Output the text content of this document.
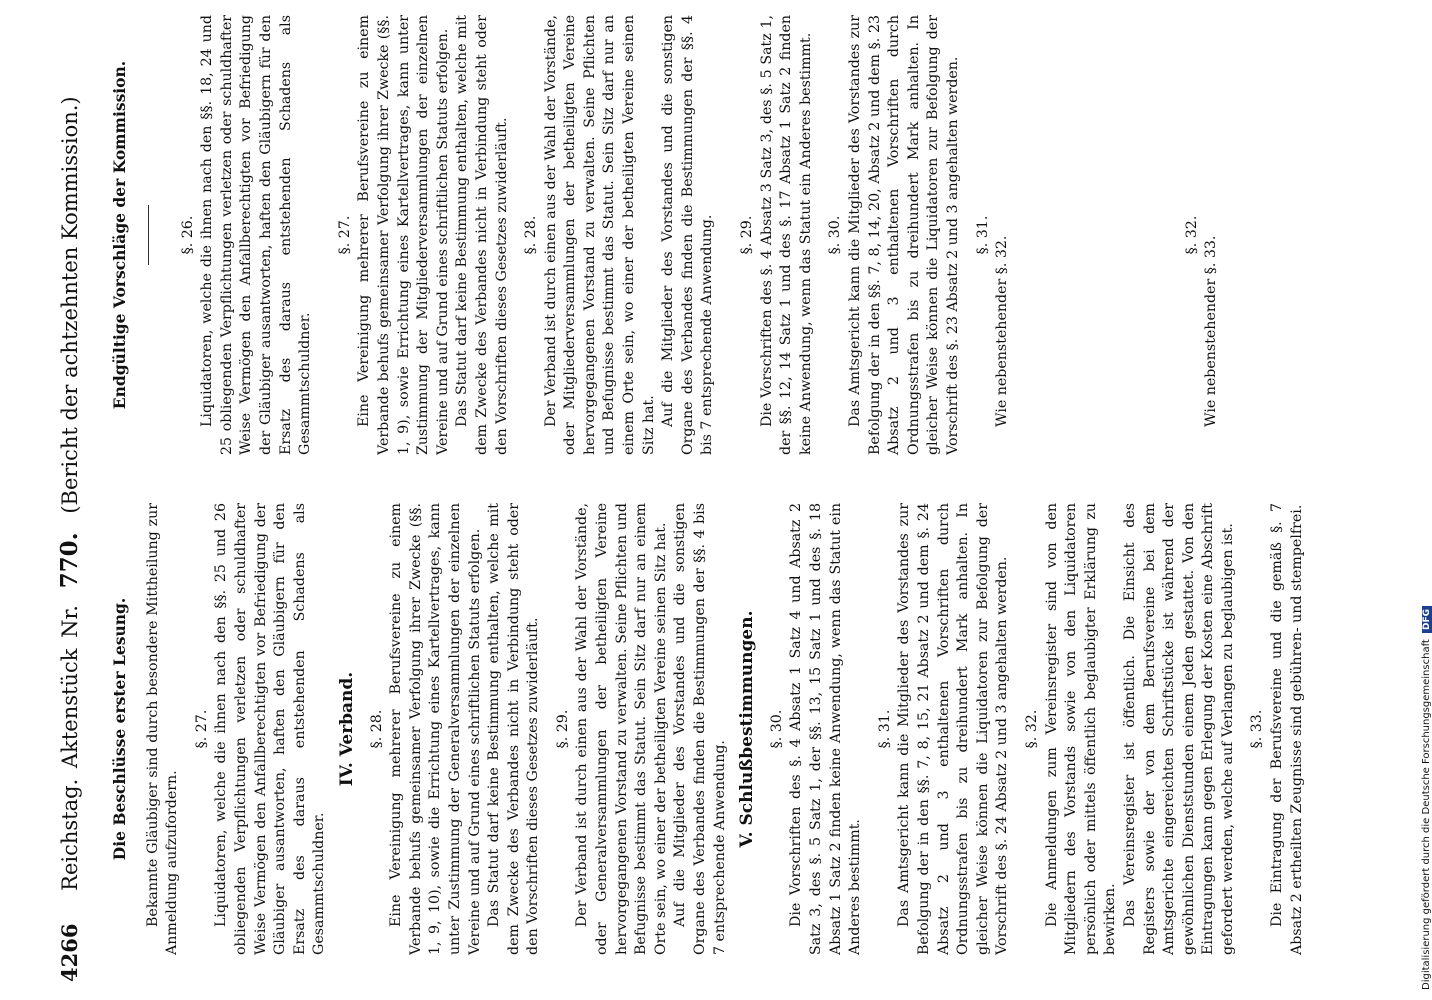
4266 Reichstag. Aktenstück Nr. 770. (Bericht der achtzehnten Kommission.)
Die Beschlüsse erster Lesung. Bekannte Gläubiger sind durch besondere Mittheilung zur Anmeldung aufzufordern.

§. 27. Liquidatoren, welche die ihnen nach den §§. 25 und 26 obliegenden Verpflichtungen verletzen oder schuldhafter Weise Vermögen den Anfallberechtigten vor Befriedigung der Gläubiger ausantworten, haften den Gläubigern für den Ersatz des daraus entstehenden Schadens als Gesammtschuldner.

IV. Verband. §. 28. Eine Vereinigung mehrerer Berufsvereine zu einem Verbande behufs gemeinsamer Verfolgung ihrer Zwecke (§§. 1, 9, 10), sowie die Errichtung eines Kartellvertrages, kann unter Zustimmung der Generalversammlungen der einzelnen Vereine und auf Grund eines schriftlichen Statuts erfolgen. Das Statut darf keine Bestimmung enthalten, welche mit dem Zwecke des Verbandes nicht in Verbindung steht oder den Vorschriften dieses Gesetzes zuwiderläuft. §. 29. Der Verband ist durch einen aus der Wahl der Vorstände, oder Generalversammlungen der betheiligten Vereine hervorgegangenen Vorstand zu verwalten. Seine Pflichten und Befugnisse bestimmt das Statut. Sein Sitz darf nur an einem Orte sein, wo einer der betheiligten Vereine seinen Sitz hat. Auf die Mitglieder des Vorstandes und die sonstigen Organe des Verbandes finden die Bestimmungen der §§. 4 bis 7 entsprechende Anwendung. V. Schlußbestimmungen. §. 30. Die Vorschriften des §. 4 Absatz 1 Satz 4 und Absatz 2 Satz 3, des §. 5 Satz 1, der §§. 13, 15 Satz 1 und des §. 18 Absatz 1 Satz 2 finden keine Anwendung, wenn das Statut ein Anderes bestimmt.

§. 31. Das Amtsgericht kann die Mitglieder des Vorstandes zur Befolgung der in den §§. 7, 8, 15, 21 Absatz 2 und dem §. 24 Absatz 2 und 3 enthaltenen Vorschriften durch Ordnungsstrafen bis zu dreihundert Mark anhalten. In gleicher Weise können die Liquidatoren zur Befolgung der Vorschrift des §. 24 Absatz 2 und 3 angehalten werden. §. 32. Die Anmeldungen zum Vereinsregister sind von den Mitgliedern des Vorstands sowie von den Liquidatoren persönlich oder mittels öffentlich beglaubigter Erklärung zu bewirken. Das Vereinsregister ist öffentlich. Die Einsicht des Registers sowie der von dem Berufsvereine bei dem Amtsgerichte eingereichten Schriftstücke ist während der gewöhnlichen Dienststunden einem Jeden gestattet. Von den Eintragungen kann gegen Erlegung der Kosten eine Abschrift gefordert werden, welche auf Verlangen zu beglaubigen ist. §. 33. Die Eintragung der Berufsvereine und die gemäß §. 7 Absatz 2 ertheilten Zeugnisse sind gebühren- und stempelfrei.

Endgültige Vorschläge der Kommission.	§. 26. Liquidatoren, welche die ihnen nach den §§. 18, 24 und 25 obliegenden Verpflichtungen verletzen oder schuldhafter Weise Vermögen den Anfallberechtigten vor Befriedigung der Gläubiger ausantworten, haften den Gläubigern für den Ersatz des daraus entstehenden Schadens als Gesammtschuldner.

§. 27. Eine Vereinigung mehrerer Berufsvereine zu einem Verbande behufs gemeinsamer Verfolgung ihrer Zwecke (§§. 1, 9), sowie Errichtung eines Kartellvertrages, kann unter Zustimmung der Mitgliederversammlungen der einzelnen Vereine und auf Grund eines schriftlichen Statuts erfolgen. Das Statut darf keine Bestimmung enthalten, welche mit dem Zwecke des Verbandes nicht in Verbindung steht oder den Vorschriften dieses Gesetzes zuwiderläuft. §. 28. Der Verband ist durch einen aus der Wahl der Vorstände, oder Mitgliederversammlungen der betheiligten Vereine hervorgegangenen Vorstand zu verwalten. Seine Pflichten und Befugnisse bestimmt das Statut. Sein Sitz darf nur an einem Orte sein, wo einer der betheiligten Vereine seinen Sitz hat. Auf die Mitglieder des Vorstandes und die sonstigen Organe des Verbandes finden die Bestimmungen der §§. 4 bis 7 entsprechende Anwendung. §. 29. Die Vorschriften des §. 4 Absatz 3 Satz 3, des §. 5 Satz 1, der §§. 12, 14 Satz 1 und des §. 17 Absatz 1 Satz 2 finden keine Anwendung, wenn das Statut ein Anderes bestimmt. §. 30. Das Amtsgericht kann die Mitglieder des Vorstandes zur Befolgung der in den §§. 7, 8, 14, 20, Absatz 2 und dem §. 23 Absatz 2 und 3 enthaltenen Vorschriften durch Ordnungsstrafen bis zu dreihundert Mark anhalten. In gleicher Weise können die Liquidatoren zur Befolgung der Vorschrift des §. 23 Absatz 2 und 3 angehalten werden. §. 31.

Wie nebenstehender §. 32.

§. 32.

Wie nebenstehender §. 33.

Digitalisierung gefördert durch die Deutsche Forschungsgemeinschaft DFG
